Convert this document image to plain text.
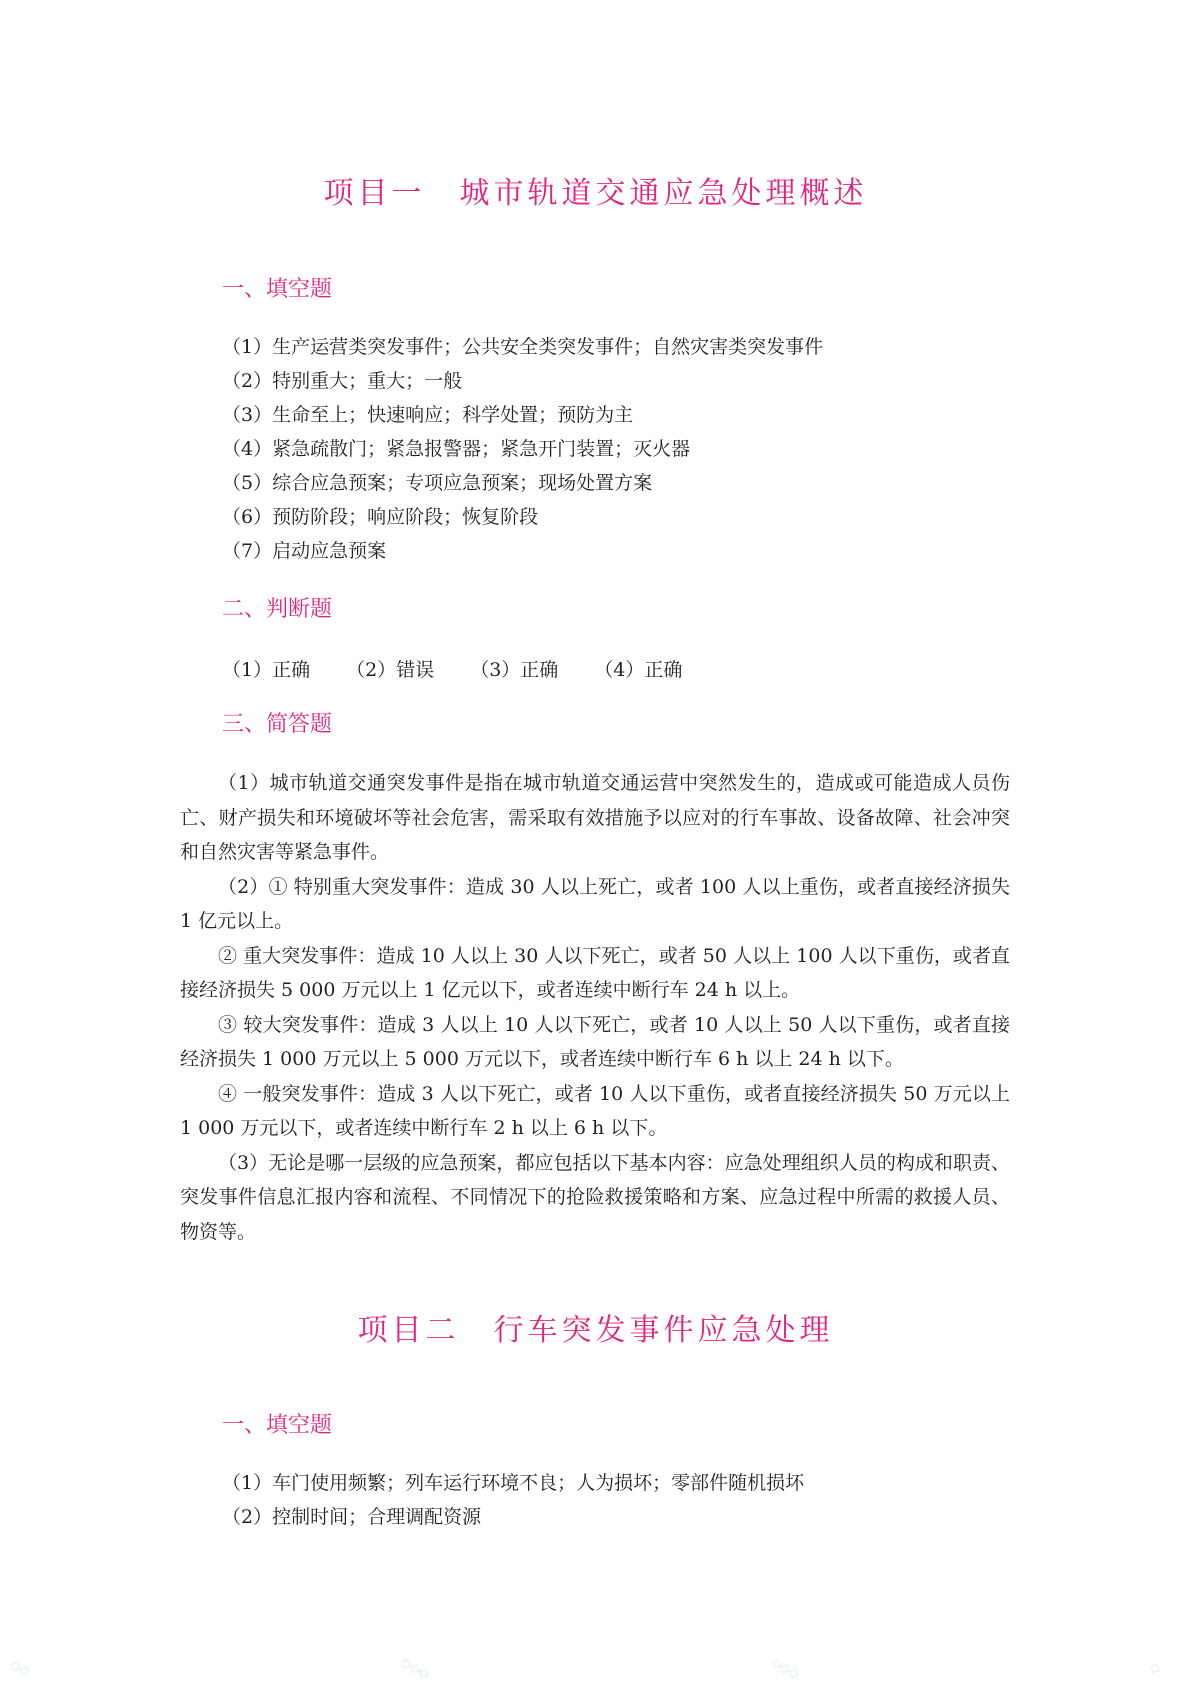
项目一　城市轨道交通应急处理概述
一、填空题
（1）生产运营类突发事件；公共安全类突发事件；自然灾害类突发事件
（2）特别重大；重大；一般
（3）生命至上；快速响应；科学处置；预防为主
（4）紧急疏散门；紧急报警器；紧急开门装置；灭火器
（5）综合应急预案；专项应急预案；现场处置方案
（6）预防阶段；响应阶段；恢复阶段
（7）启动应急预案
二、判断题
（1）正确 （2）错误 （3）正确 （4）正确
三、简答题

（1）城市轨道交通突发事件是指在城市轨道交通运营中突然发生的，造成或可能造成人员伤亡、财产损失和环境破坏等社会危害，需采取有效措施予以应对的行车事故、设备故障、社会冲突和自然灾害等紧急事件。

（2）① 特别重大突发事件：造成 30 人以上死亡，或者 100 人以上重伤，或者直接经济损失 1 亿元以上。

② 重大突发事件：造成 10 人以上 30 人以下死亡，或者 50 人以上 100 人以下重伤，或者直接经济损失 5 000 万元以上 1 亿元以下，或者连续中断行车 24 h 以上。

③ 较大突发事件：造成 3 人以上 10 人以下死亡，或者 10 人以上 50 人以下重伤，或者直接经济损失 1 000 万元以上 5 000 万元以下，或者连续中断行车 6 h 以上 24 h 以下。

④ 一般突发事件：造成 3 人以下死亡，或者 10 人以下重伤，或者直接经济损失 50 万元以上 1 000 万元以下，或者连续中断行车 2 h 以上 6 h 以下。

（3）无论是哪一层级的应急预案，都应包括以下基本内容：应急处理组织人员的构成和职责、突发事件信息汇报内容和流程、不同情况下的抢险救援策略和方案、应急过程中所需的救援人员、物资等。

项目二　行车突发事件应急处理
一、填空题
（1）车门使用频繁；列车运行环境不良；人为损坏；零部件随机损坏
（2）控制时间；合理调配资源
◇◇	◇◇◇	◇◇◇	◇
